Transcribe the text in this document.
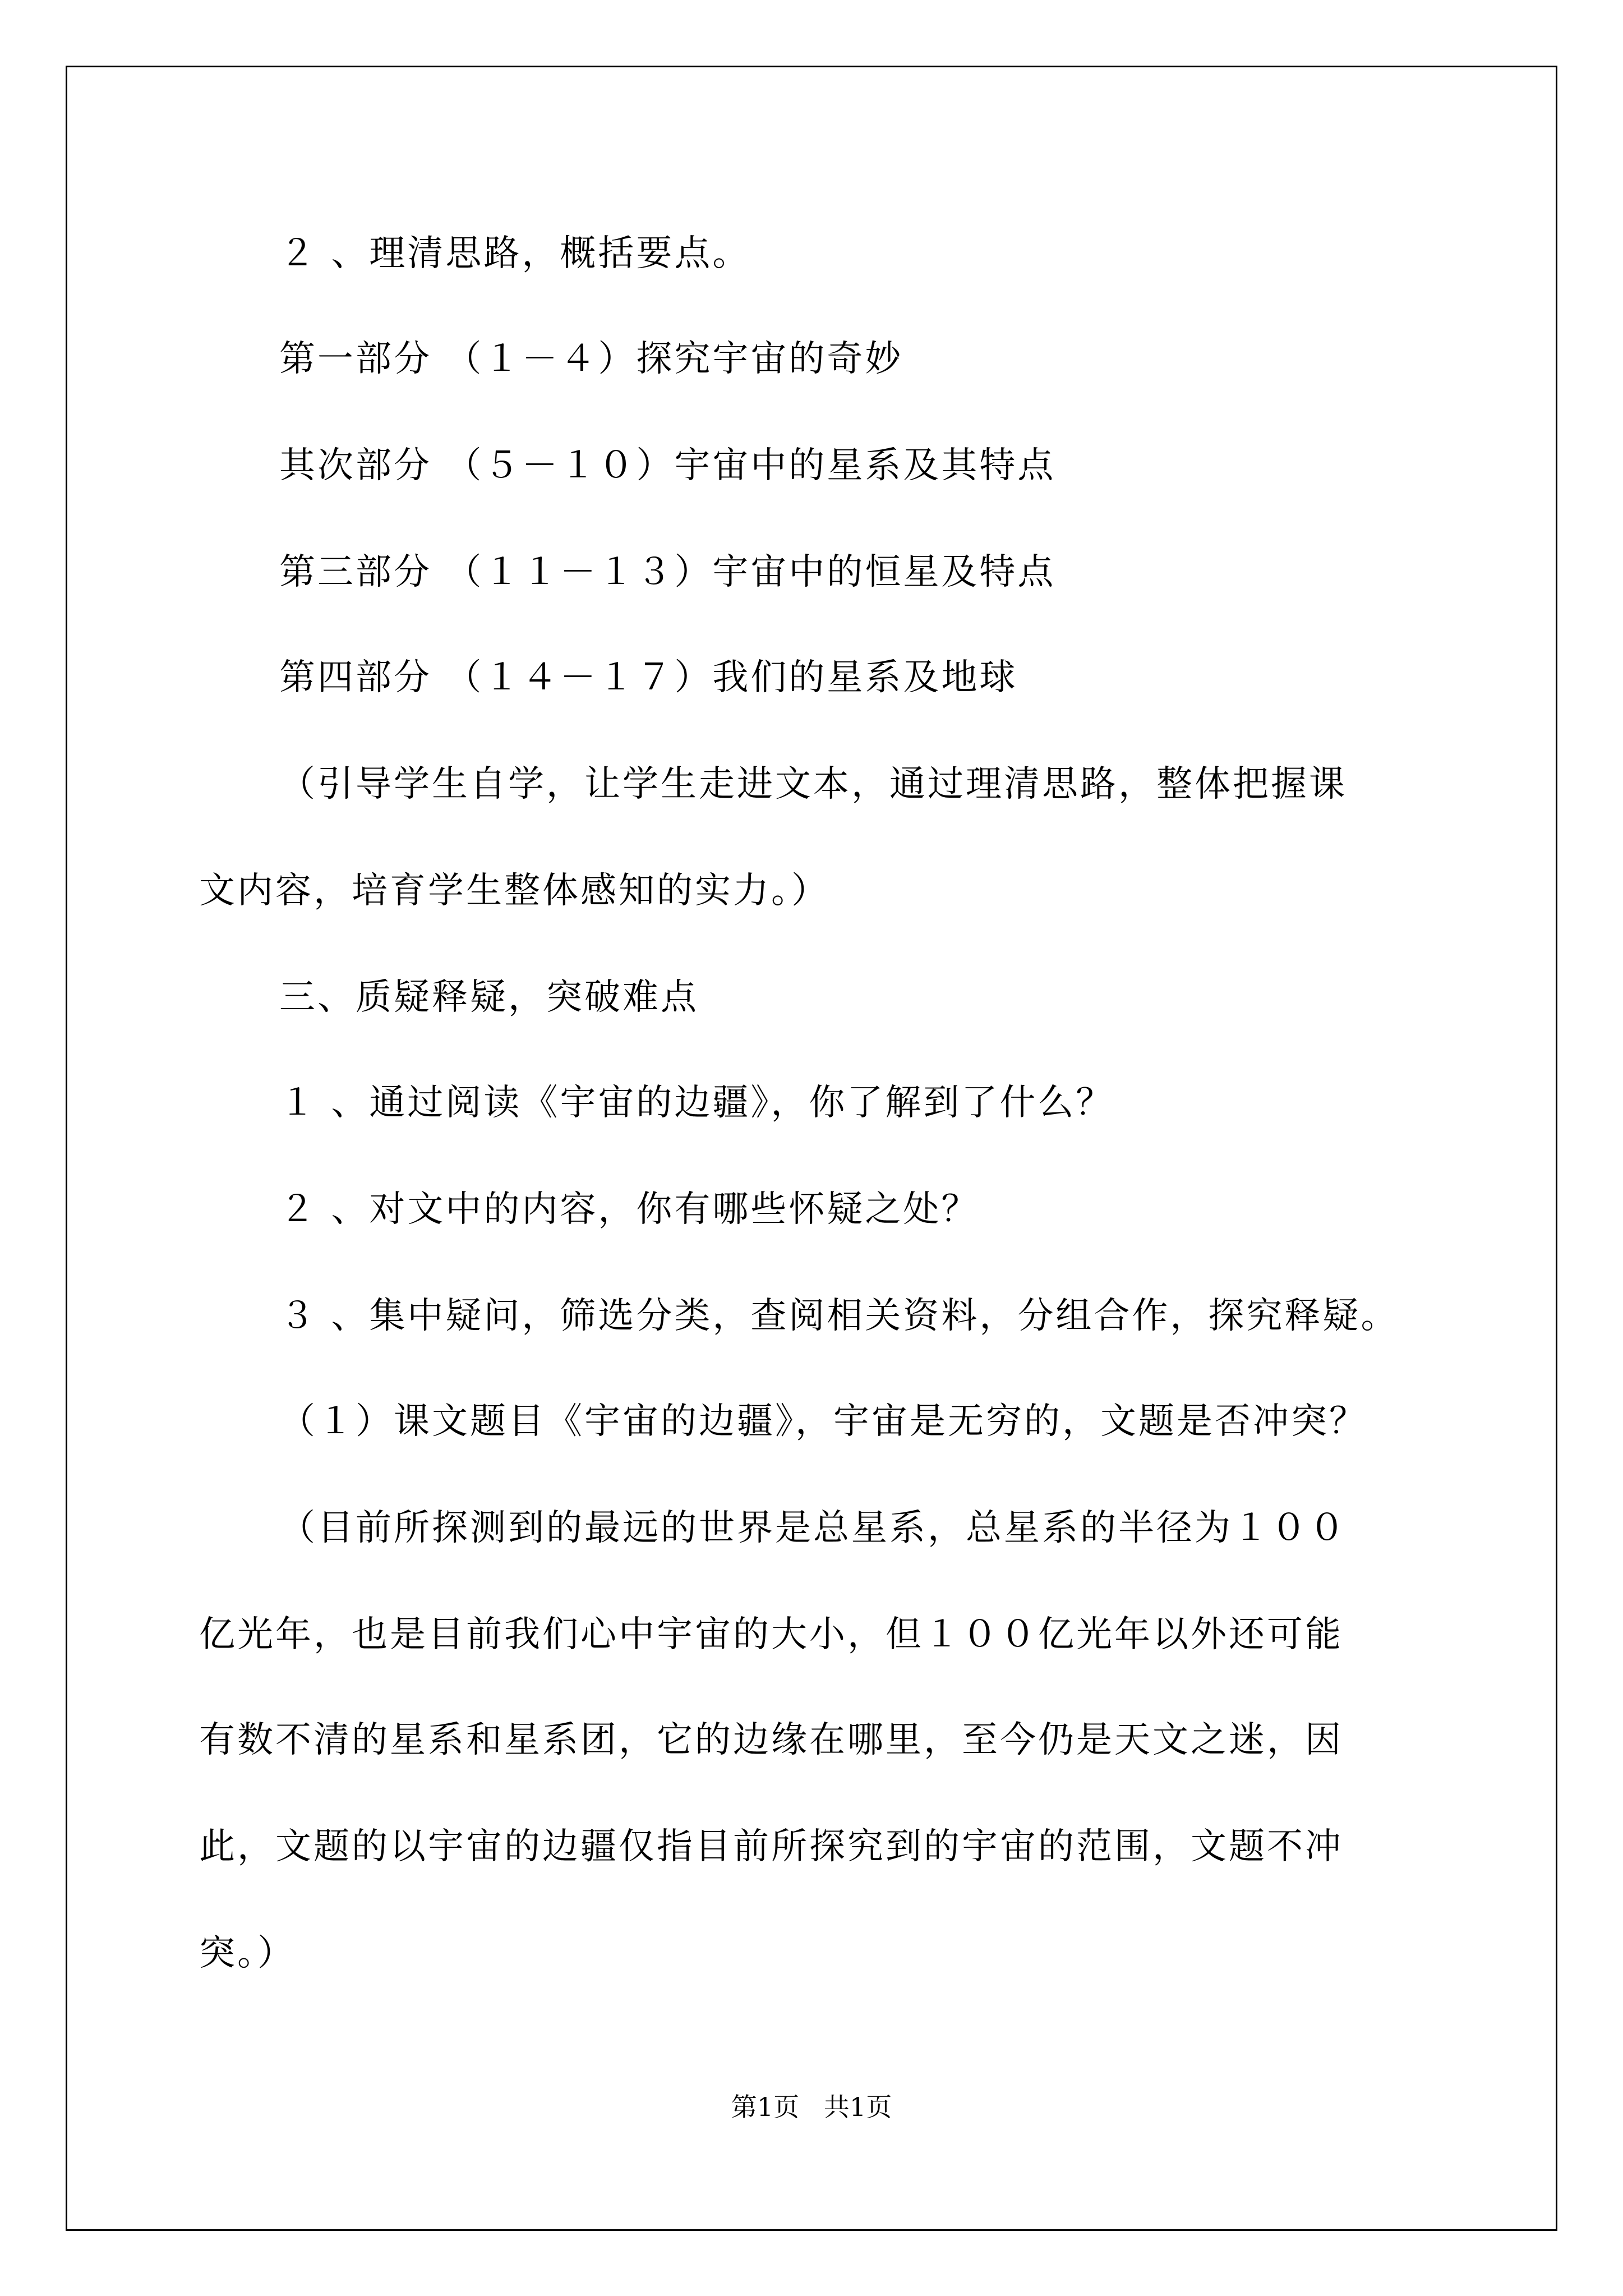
２ 、理清思路，概括要点。
第一部分 （１－４）探究宇宙的奇妙
其次部分 （５－１０）宇宙中的星系及其特点
第三部分 （１１－１３）宇宙中的恒星及特点
第四部分 （１４－１７）我们的星系及地球
（引导学生自学，让学生走进文本，通过理清思路，整体把握课
文内容，培育学生整体感知的实力。）
三、质疑释疑，突破难点
１ 、通过阅读《宇宙的边疆》，你了解到了什么？
２ 、对文中的内容，你有哪些怀疑之处？
３ 、集中疑问，筛选分类，查阅相关资料，分组合作，探究释疑。
（１）课文题目《宇宙的边疆》，宇宙是无穷的，文题是否冲突？
（目前所探测到的最远的世界是总星系，总星系的半径为１００
亿光年，也是目前我们心中宇宙的大小，但１００亿光年以外还可能
有数不清的星系和星系团，它的边缘在哪里，至今仍是天文之迷，因
此，文题的以宇宙的边疆仅指目前所探究到的宇宙的范围，文题不冲
突。）
第1页   共1页
